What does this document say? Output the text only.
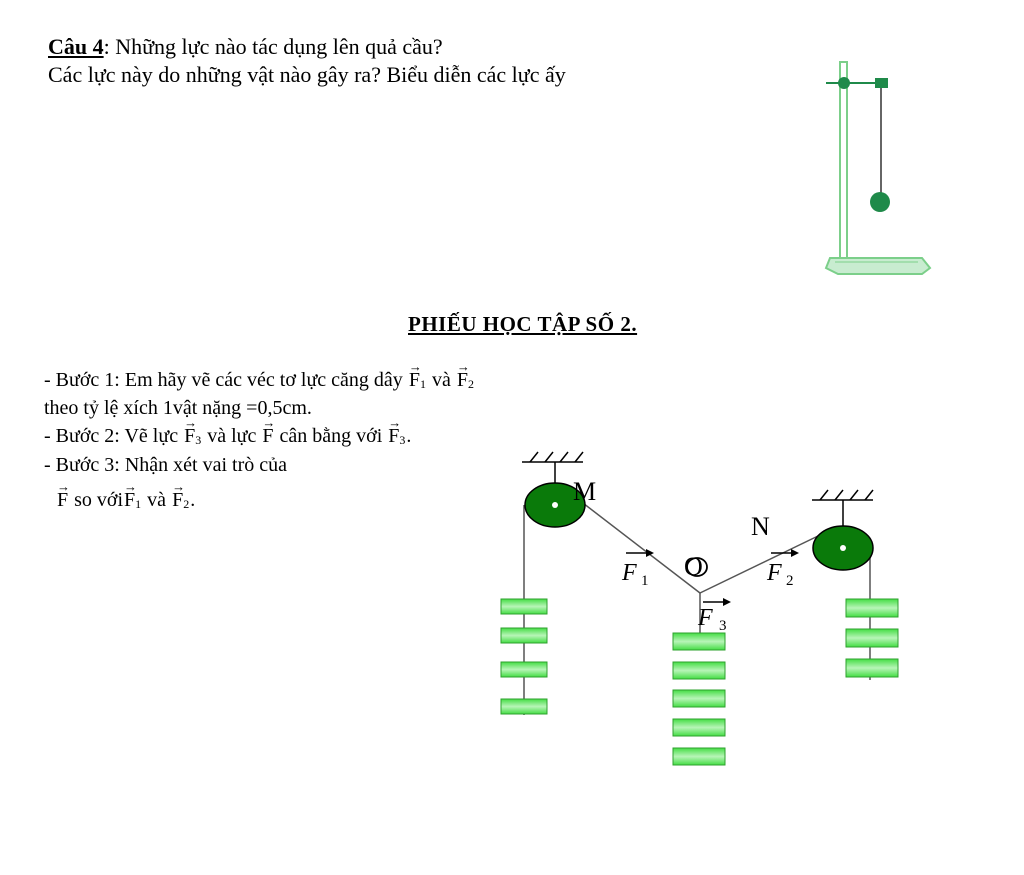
Câu 4: Những lực nào tác dụng lên quả cầu?
Các lực này do những vật nào gây ra? Biểu diễn các lực ấy
PHIẾU HỌC TẬP SỐ 2.
- Bước 1: Em hãy vẽ các véc tơ lực căng dây → $F_1$ và → $F_2$
theo tỷ lệ xích 1vật nặng =0,5cm.
- Bước 2: Vẽ lực → $F_3$ và lực → F cân bằng với → $F_3$.
- Bước 3: Nhận xét vai trò của
→ F so với→ $F_1$ và → $F_2$.	M
N
F 1	F 2
F 3
O
